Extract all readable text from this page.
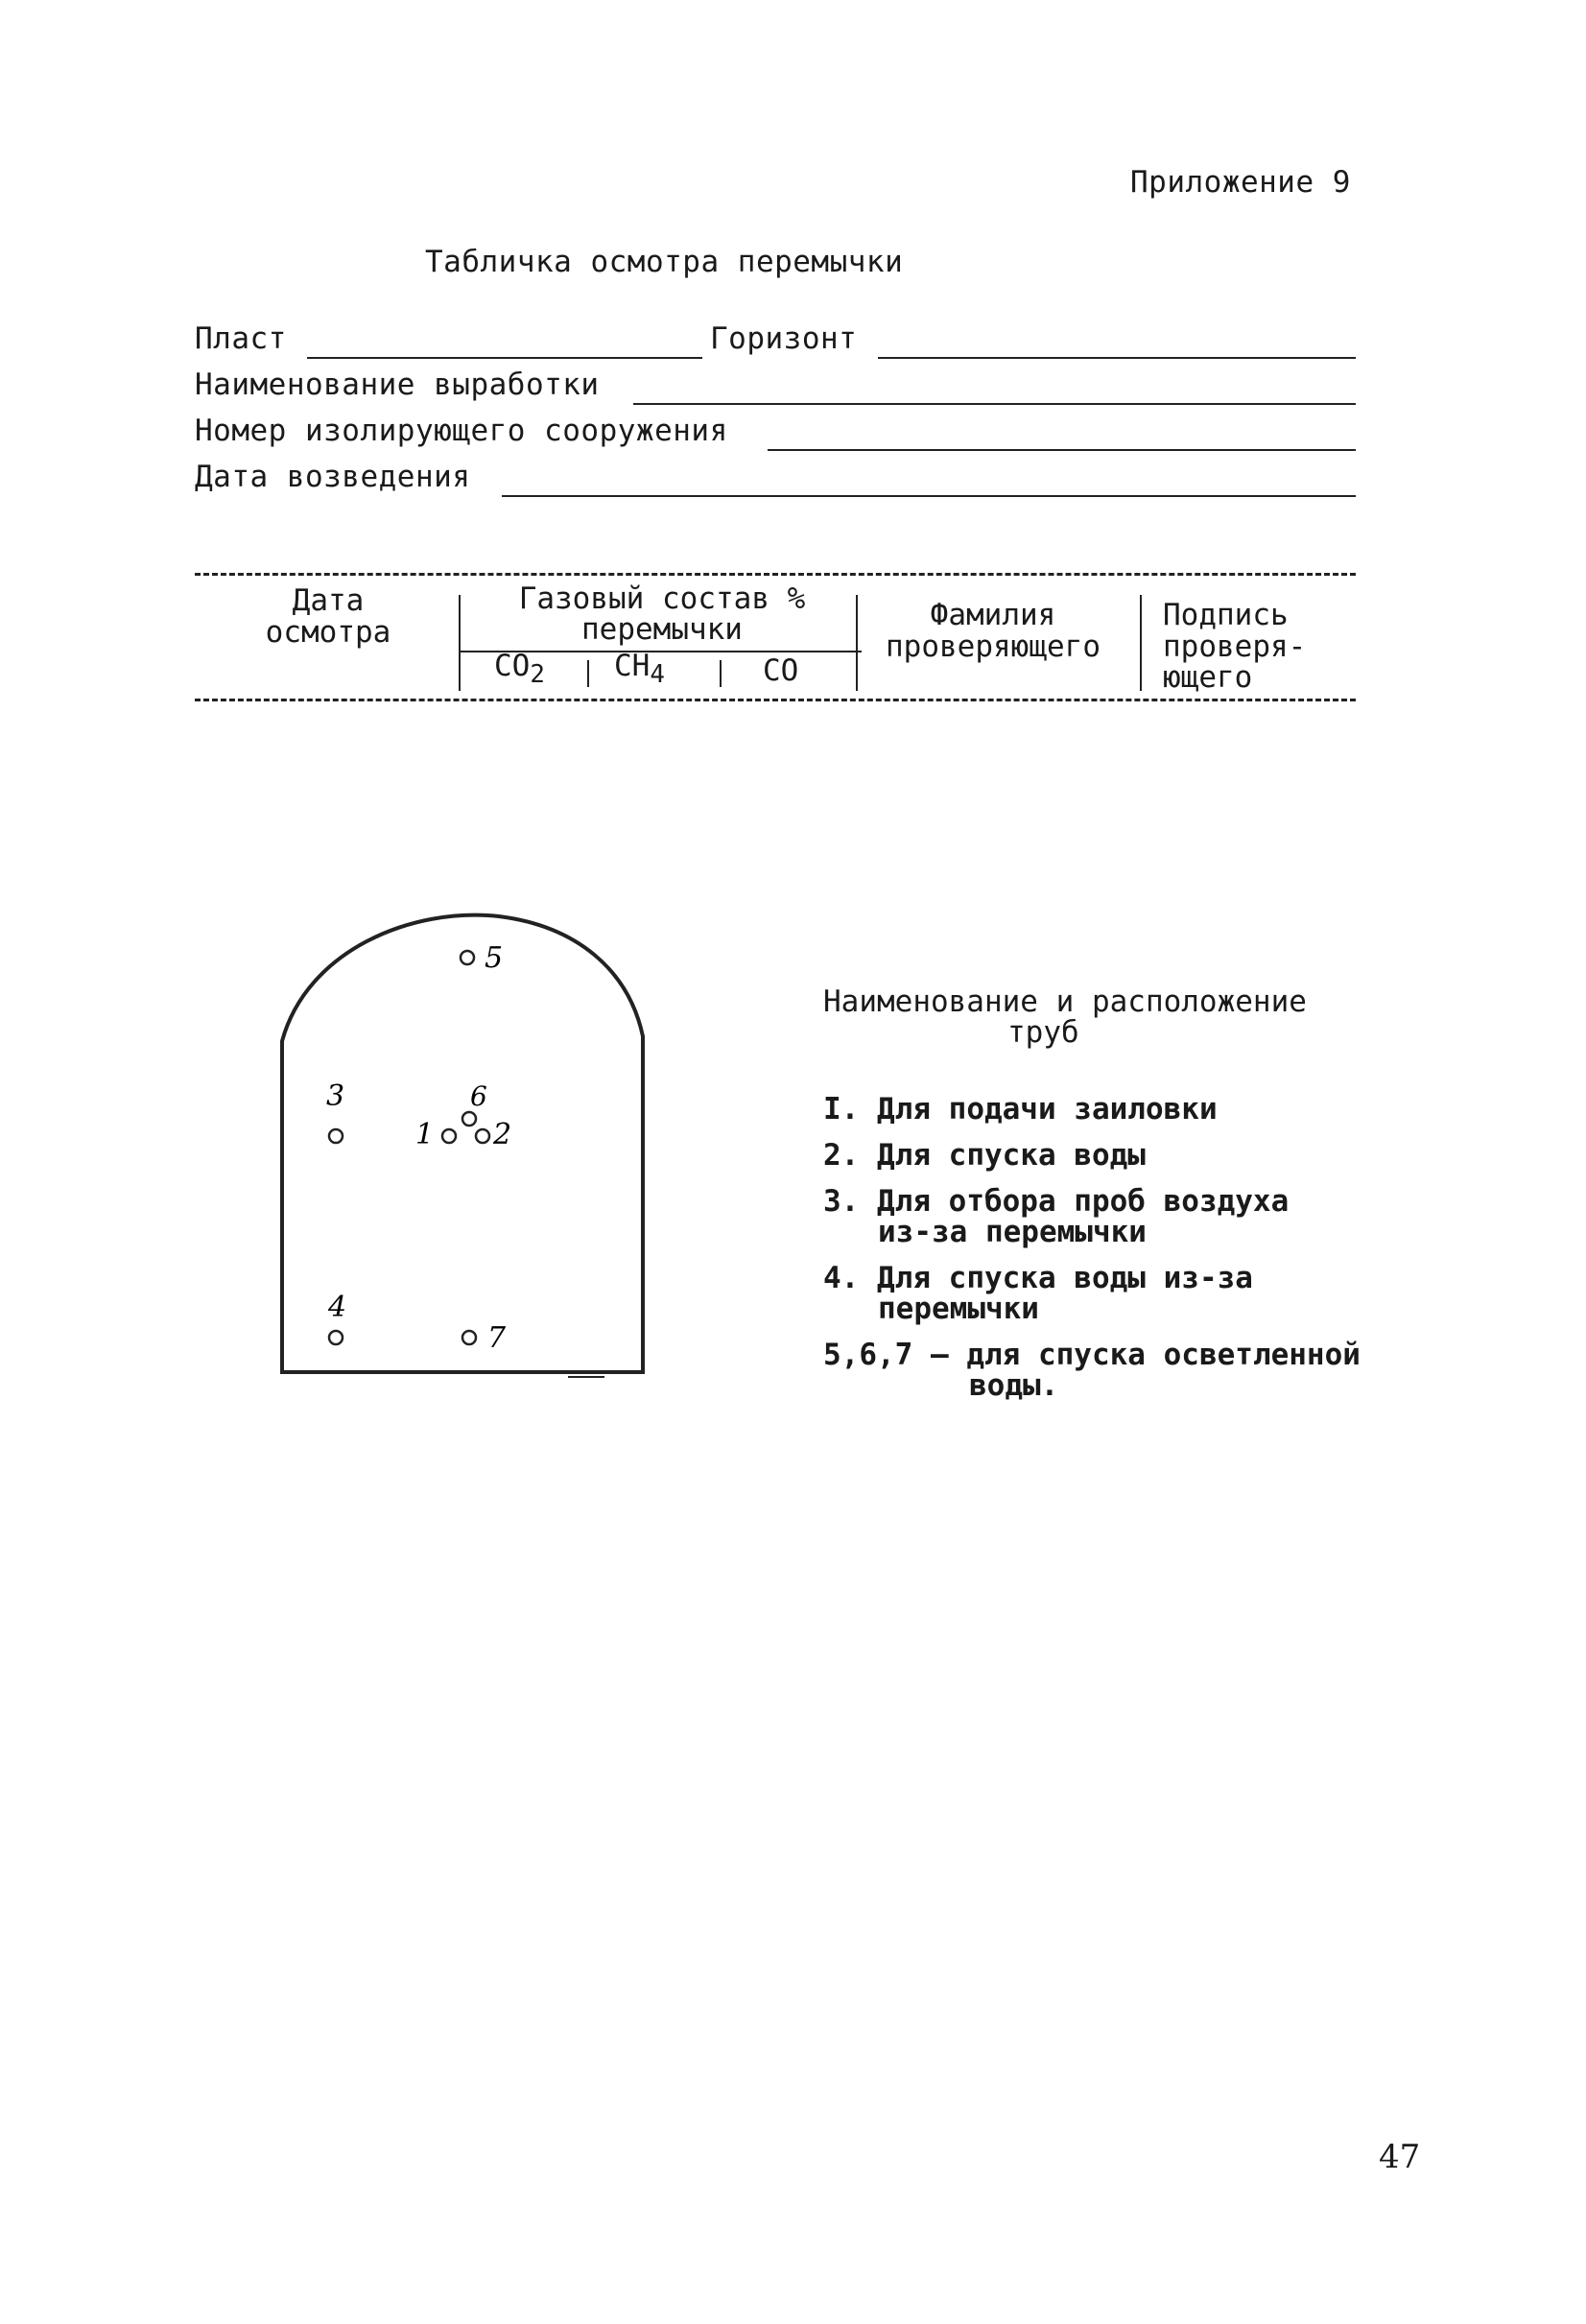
Приложение 9
Табличка осмотра перемычки
Пласт	Горизонт
Наименование выработки
Номер изолирующего сооружения
Дата возведения
Дата
осмотра
Газовый состав %
перемычки
$CO_2$ $CH_4$	CO
Фамилия
проверяющего
Подпись
проверя-
ющего
5
3
1
6
2
4
7
Наименование и расположение
труб
I. Для подачи заиловки
2. Для спуска воды
3. Для отбора проб воздуха
из-за перемычки
4. Для спуска воды из-за
перемычки
5,6,7 – для спуска осветленной
воды.
47
